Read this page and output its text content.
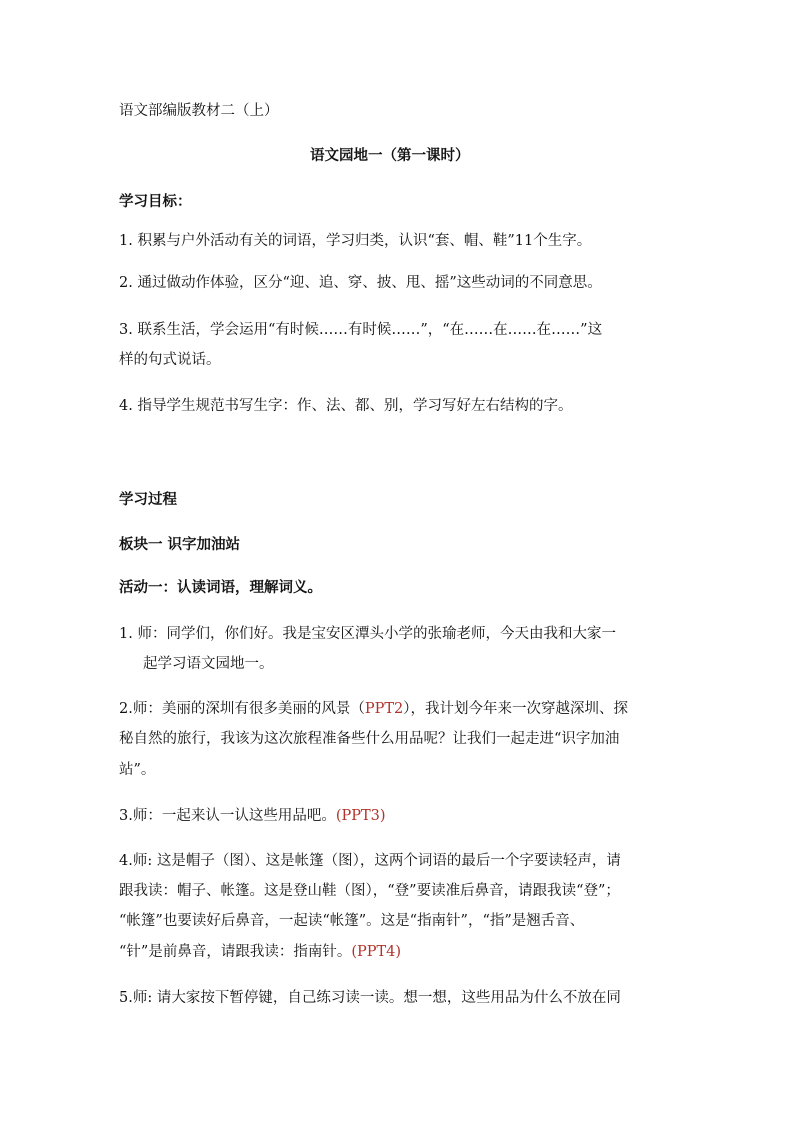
语文部编版教材二（上）
语文园地一（第一课时）
学习目标：
1. 积累与户外活动有关的词语，学习归类，认识“套、帽、鞋”11个生字。
2. 通过做动作体验，区分“迎、追、穿、披、甩、摇”这些动词的不同意思。
3. 联系生活，学会运用“有时候……有时候……”，“在……在……在……”这
样的句式说话。
4. 指导学生规范书写生字：作、法、都、别，学习写好左右结构的字。
学习过程
板块一 识字加油站
活动一：认读词语，理解词义。
1. 师：同学们，你们好。我是宝安区潭头小学的张瑜老师，今天由我和大家一
起学习语文园地一。
2.师：美丽的深圳有很多美丽的风景（PPT2），我计划今年来一次穿越深圳、探
秘自然的旅行，我该为这次旅程准备些什么用品呢？让我们一起走进“识字加油
站”。
3.师：一起来认一认这些用品吧。(PPT3)
4.师: 这是帽子（图）、这是帐篷（图），这两个词语的最后一个字要读轻声，请
跟我读：帽子、帐篷。这是登山鞋（图），“登”要读准后鼻音，请跟我读“登”；
“帐篷”也要读好后鼻音，一起读“帐篷”。这是“指南针”，“指”是翘舌音、
“针”是前鼻音，请跟我读：指南针。(PPT4)
5.师: 请大家按下暂停键，自己练习读一读。想一想，这些用品为什么不放在同
